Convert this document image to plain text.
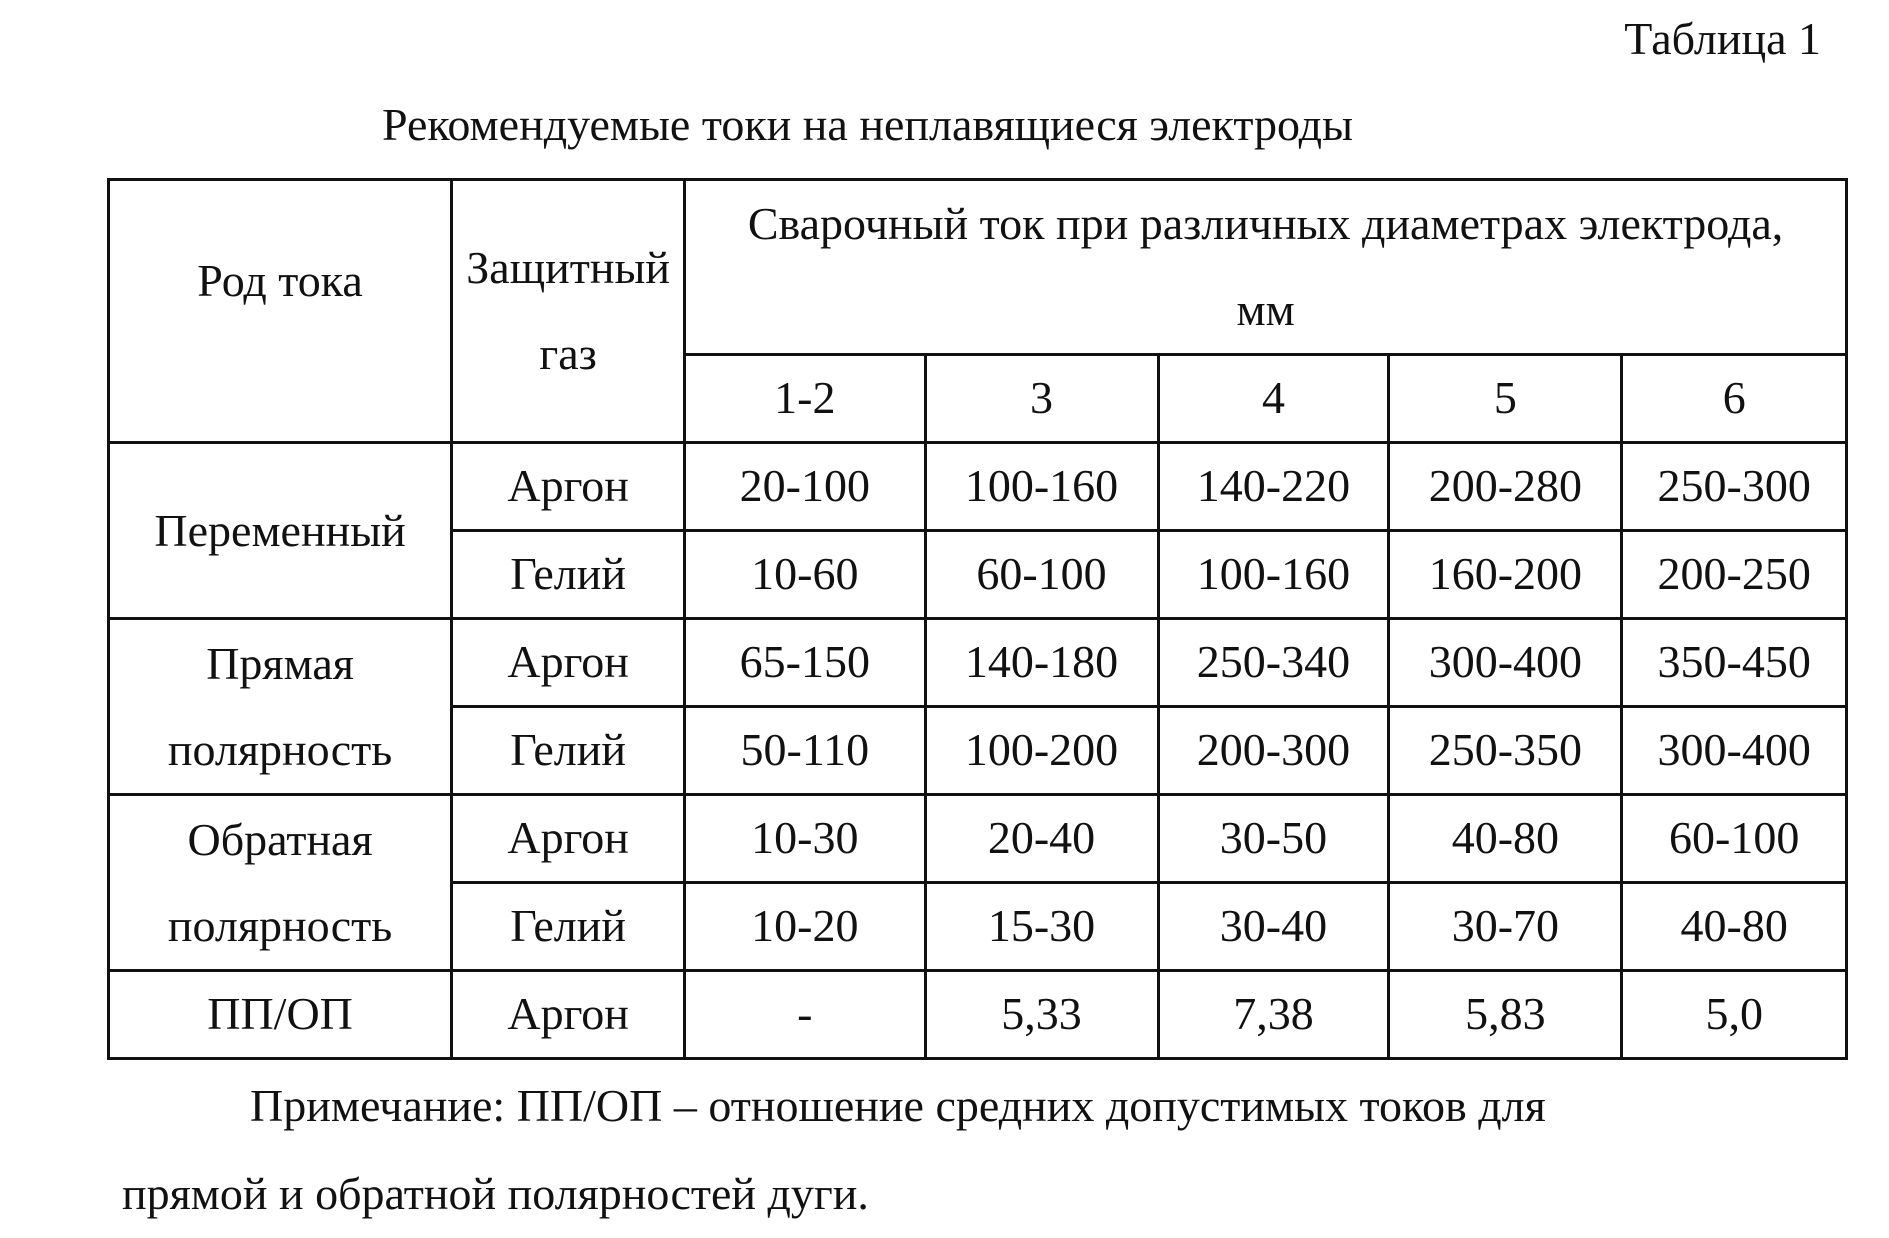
Таблица 1
Рекомендуемые токи на неплавящиеся электроды
Род тока	Защитный газ	Сварочный ток при различных диаметрах электрода, мм				
		1-2	3	4	5	6
Переменный	Аргон	20-100	100-160	140-220	200-280	250-300
	Гелий	10-60	60-100	100-160	160-200	200-250
Прямая полярность	Аргон	65-150	140-180	250-340	300-400	350-450
	Гелий	50-110	100-200	200-300	250-350	300-400
Обратная полярность	Аргон	10-30	20-40	30-50	40-80	60-100
	Гелий	10-20	15-30	30-40	30-70	40-80
ПП/ОП	Аргон	-	5,33	7,38	5,83	5,0
Примечание: ПП/ОП – отношение средних допустимых токов для
прямой и обратной полярностей дуги.
